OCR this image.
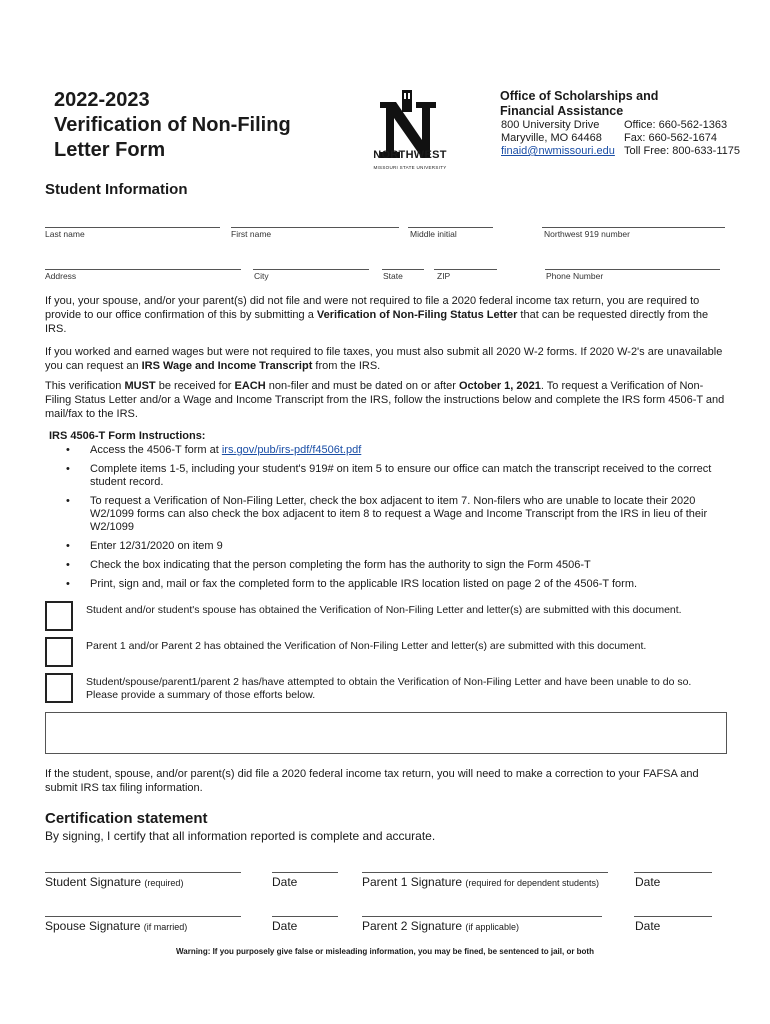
2022-2023
Verification of Non-Filing
Letter Form	NORTHWEST
MISSOURI STATE UNIVERSITY
Office of Scholarships and
Financial Assistance
800 University Drive
Maryville, MO 64468
finaid@nwmissouri.edu
Office: 660-562-1363
Fax: 660-562-1674
Toll Free: 800-633-1175
Student Information
Last name	First name	Middle initial	Northwest 919 number
Address	City	State	ZIP	Phone Number
If you, your spouse, and/or your parent(s) did not file and were not required to file a 2020 federal income tax return, you are required to provide to our office confirmation of this by submitting a Verification of Non-Filing Status Letter that can be requested directly from the IRS.
If you worked and earned wages but were not required to file taxes, you must also submit all 2020 W-2 forms. If 2020 W-2's are unavailable you can request an IRS Wage and Income Transcript from the IRS.
This verification MUST be received for EACH non-filer and must be dated on or after October 1, 2021. To request a Verification of Non-Filing Status Letter and/or a Wage and Income Transcript from the IRS, follow the instructions below and complete the IRS form 4506-T and mail/fax to the IRS.
IRS 4506-T Form Instructions:
• Access the 4506-T form at irs.gov/pub/irs-pdf/f4506t.pdf
• Complete items 1-5, including your student's 919# on item 5 to ensure our office can match the transcript received to the correct student record.
• To request a Verification of Non-Filing Letter, check the box adjacent to item 7. Non-filers who are unable to locate their 2020 W2/1099 forms can also check the box adjacent to item 8 to request a Wage and Income Transcript from the IRS in lieu of their W2/1099
• Enter 12/31/2020 on item 9
• Check the box indicating that the person completing the form has the authority to sign the Form 4506-T
• Print, sign and, mail or fax the completed form to the applicable IRS location listed on page 2 of the 4506-T form.
Student and/or student's spouse has obtained the Verification of Non-Filing Letter and letter(s) are submitted with this document.
Parent 1 and/or Parent 2 has obtained the Verification of Non-Filing Letter and letter(s) are submitted with this document.
Student/spouse/parent1/parent 2 has/have attempted to obtain the Verification of Non-Filing Letter and have been unable to do so. Please provide a summary of those efforts below.
If the student, spouse, and/or parent(s) did file a 2020 federal income tax return, you will need to make a correction to your FAFSA and submit IRS tax filing information.
Certification statement
By signing, I certify that all information reported is complete and accurate.
Student Signature (required)	Date	Parent 1 Signature (required for dependent students)	Date
Spouse Signature (if married)	Date	Parent 2 Signature (if applicable)	Date
Warning: If you purposely give false or misleading information, you may be fined, be sentenced to jail, or both
